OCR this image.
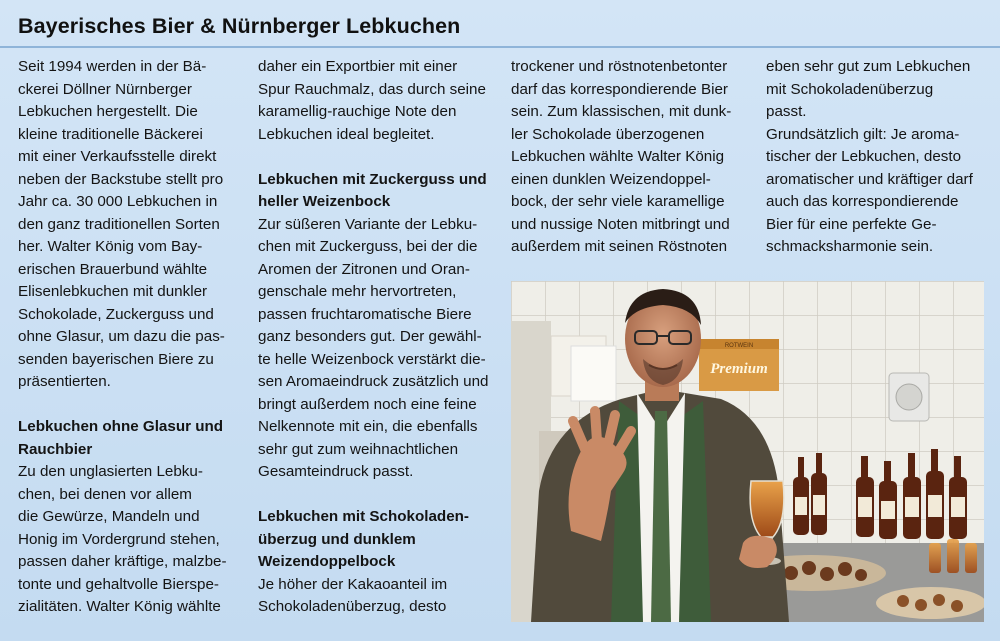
Bayerisches Bier & Nürnberger Lebkuchen
Seit 1994 werden in der Bä-
ckerei Döllner Nürnberger
Lebkuchen hergestellt. Die
kleine traditionelle Bäckerei
mit einer Verkaufsstelle direkt
neben der Backstube stellt pro
Jahr ca. 30 000 Lebkuchen in
den ganz traditionellen Sorten
her. Walter König vom Bay-
erischen Brauerbund wählte
Elisenlebkuchen mit dunkler
Schokolade, Zuckerguss und
ohne Glasur, um dazu die pas-
senden bayerischen Biere zu
präsentierten.
Lebkuchen ohne Glasur und
Rauchbier
Zu den unglasierten Lebku-
chen, bei denen vor allem
die Gewürze, Mandeln und
Honig im Vordergrund stehen,
passen daher kräftige, malzbe-
tonte und gehaltvolle Bierspe-
zialitäten. Walter König wählte
daher ein Exportbier mit einer
Spur Rauchmalz, das durch seine
karamellig-rauchige Note den
Lebkuchen ideal begleitet.
Lebkuchen mit Zuckerguss und
heller Weizenbock
Zur süßeren Variante der Lebku-
chen mit Zuckerguss, bei der die
Aromen der Zitronen und Oran-
genschale mehr hervortreten,
passen fruchtaromatische Biere
ganz besonders gut. Der gewähl-
te helle Weizenbock verstärkt die-
sen Aromaeindruck zusätzlich und
bringt außerdem noch eine feine
Nelkennote mit ein, die ebenfalls
sehr gut zum weihnachtlichen
Gesamteindruck passt.
Lebkuchen mit Schokoladen-
überzug und dunklem
Weizendoppelbock
Je höher der Kakaoanteil im
Schokoladenüberzug, desto
trockener und röstnotenbetonter
darf das korrespondierende Bier
sein. Zum klassischen, mit dunk-
ler Schokolade überzogenen
Lebkuchen wählte Walter König
einen dunklen Weizendoppel-
bock, der sehr viele karamellige
und nussige Noten mitbringt und
außerdem mit seinen Röstnoten
eben sehr gut zum Lebkuchen
mit Schokoladenüberzug
passt.
Grundsätzlich gilt: Je aroma-
tischer der Lebkuchen, desto
aromatischer und kräftiger darf
auch das korrespondierende
Bier für eine perfekte Ge-
schmacksharmonie sein.
ROTWEIN
Premium
